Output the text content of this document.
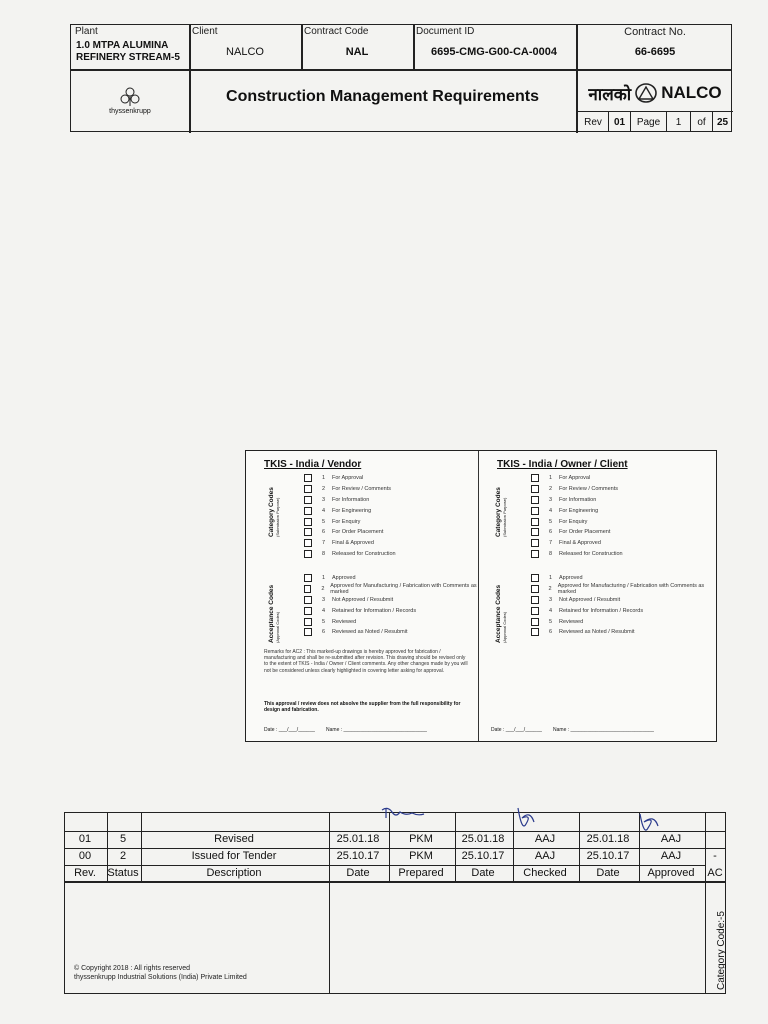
Plant
1.0 MTPA ALUMINA
REFINERY STREAM-5
Client
NALCO
Contract Code
NAL
Document ID
6695-CMG-G00-CA-0004
Contract No.
66-6695
thyssenkrupp
Construction Management Requirements	नालको NALCO
Rev	01	Page	1	of	25
TKIS - India / Vendor
Category Codes (Submission Purpose)
1	For Approval
2	For Review / Comments
3	For Information
4	For Engineering
5	For Enquiry
6	For Order Placement
7	Final & Approved
8	Released for Construction
Acceptance Codes (Approval Codes)
1	Approved
2	Approved for Manufacturing / Fabrication with Comments as marked
3	Not Approved / Resubmit
4	Retained for Information / Records
5	Reviewed
6	Reviewed as Noted / Resubmit
Remarks for AC2 : This marked-up drawings is hereby approved for fabrication / manufacturing and shall be re-submitted after revision. This drawing should be revised only to the extent of TKIS - India / Owner / Client comments. Any other changes made by you will not be considered unless clearly highlighted in covering letter asking for approval.
This approval / review does not absolve the supplier from the full responsibility for design and fabrication.
Date : ___/___/______ Name : ______________________________
TKIS - India / Owner / Client
Category Codes (Submission Purpose)
1	For Approval
2	For Review / Comments
3	For Information
4	For Engineering
5	For Enquiry
6	For Order Placement
7	Final & Approved
8	Released for Construction
Acceptance Codes (Approval Codes)
1	Approved
2	Approved for Manufacturing / Fabrication with Comments as marked
3	Not Approved / Resubmit
4	Retained for Information / Records
5	Reviewed
6	Reviewed as Noted / Resubmit
Date : ___/___/______ Name : ______________________________
01	5	Revised	25.01.18	PKM	25.01.18	AAJ	25.01.18	AAJ
00	2	Issued for Tender	25.10.17	PKM	25.10.17	AAJ	25.10.17	AAJ	-
Rev.	Status	Description	Date	Prepared	Date	Checked	Date	Approved	AC
© Copyright 2018 : All rights reserved
thyssenkrupp Industrial Solutions (India) Private Limited	Category Code:-5
